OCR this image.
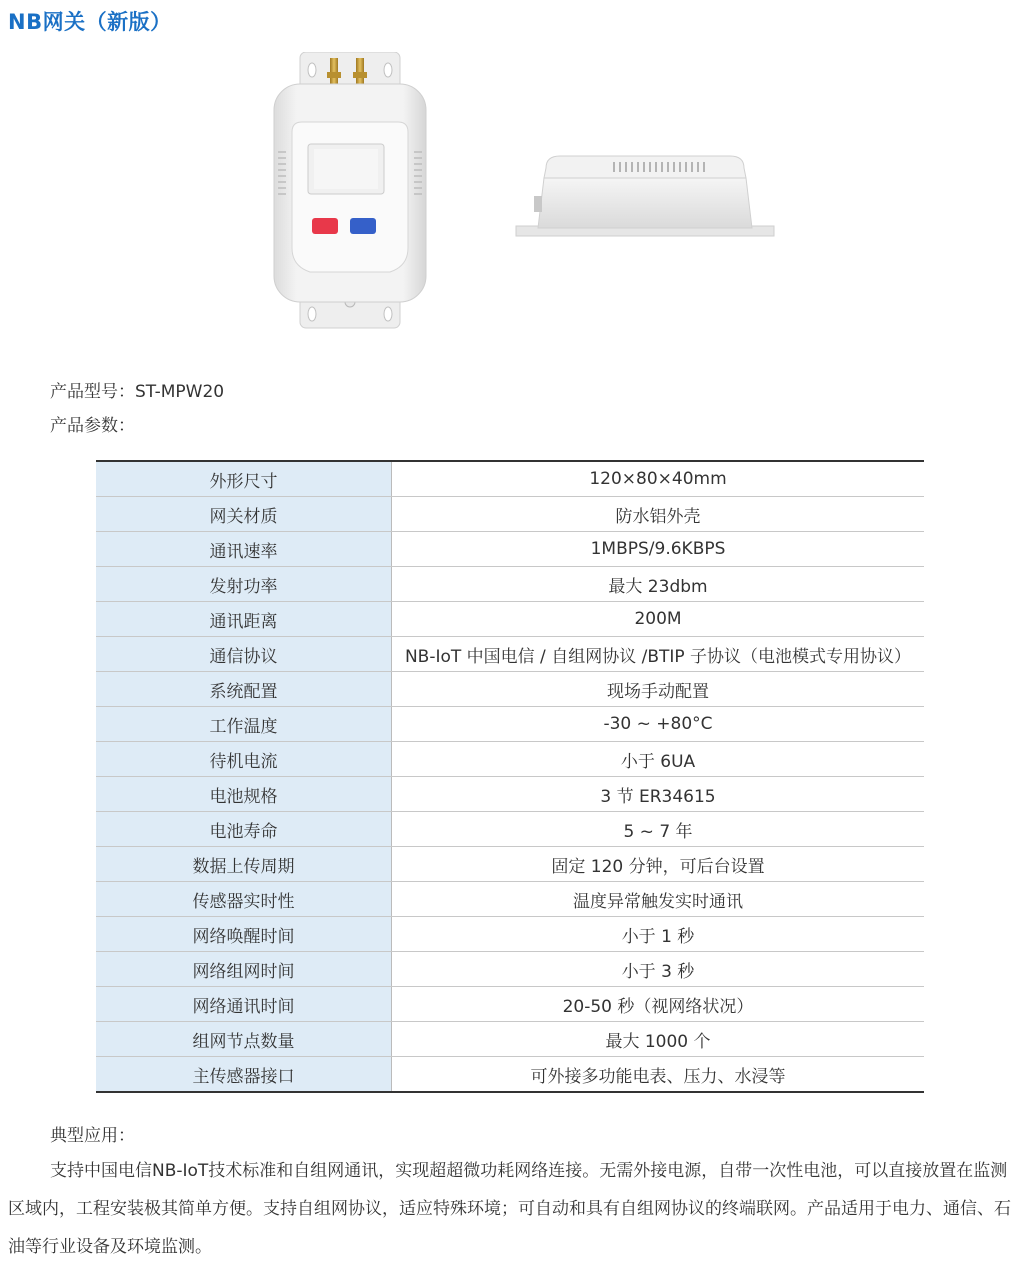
NB网关（新版）
产品型号：ST-MPW20
产品参数：
外形尺寸	120×80×40mm
网关材质	防水铝外壳
通讯速率	1MBPS/9.6KBPS
发射功率	最大 23dbm
通讯距离	200M
通信协议	NB-IoT 中国电信 / 自组网协议 /BTIP 子协议（电池模式专用协议）
系统配置	现场手动配置
工作温度	-30 ~ +80°C
待机电流	小于 6UA
电池规格	3 节 ER34615
电池寿命	5 ~ 7 年
数据上传周期	固定 120 分钟，可后台设置
传感器实时性	温度异常触发实时通讯
网络唤醒时间	小于 1 秒
网络组网时间	小于 3 秒
网络通讯时间	20-50 秒（视网络状况）
组网节点数量	最大 1000 个
主传感器接口	可外接多功能电表、压力、水浸等
典型应用：
支持中国电信NB-IoT技术标准和自组网通讯，实现超超微功耗网络连接。无需外接电源，自带一次性电池，可以直接放置在监测区域内，工程安装极其简单方便。支持自组网协议，适应特殊环境；可自动和具有自组网协议的终端联网。产品适用于电力、通信、石油等行业设备及环境监测。
